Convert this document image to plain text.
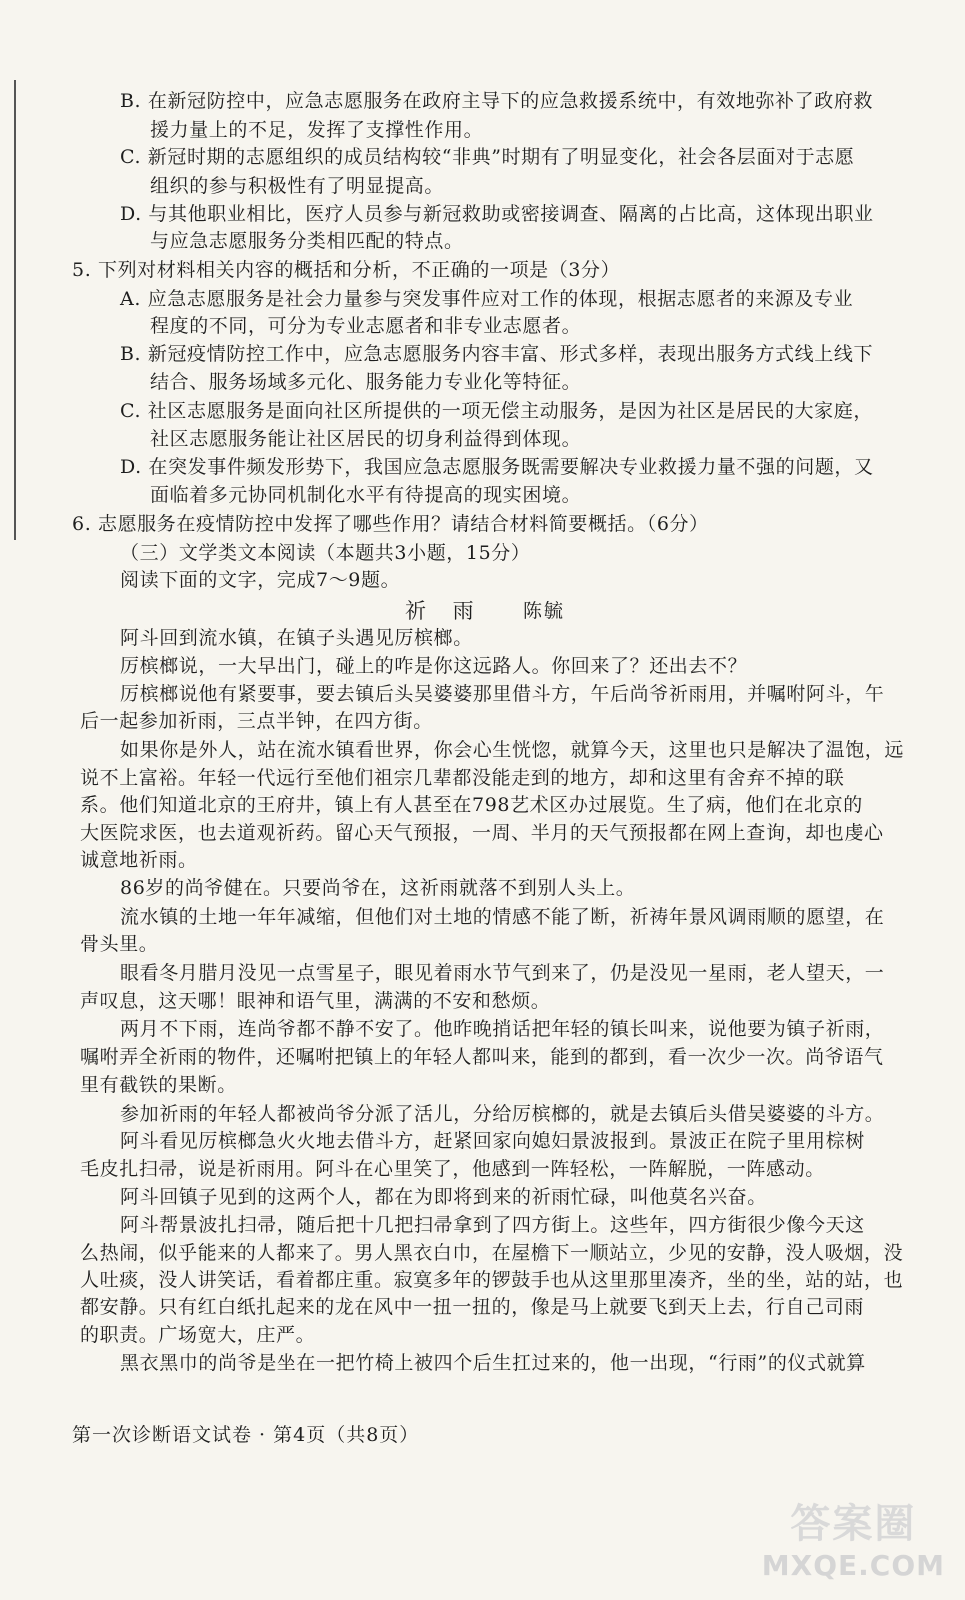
B. 在新冠防控中，应急志愿服务在政府主导下的应急救援系统中，有效地弥补了政府救
援力量上的不足，发挥了支撑性作用。
C. 新冠时期的志愿组织的成员结构较“非典”时期有了明显变化，社会各层面对于志愿
组织的参与积极性有了明显提高。
D. 与其他职业相比，医疗人员参与新冠救助或密接调查、隔离的占比高，这体现出职业
与应急志愿服务分类相匹配的特点。
5. 下列对材料相关内容的概括和分析，不正确的一项是（3分）
A. 应急志愿服务是社会力量参与突发事件应对工作的体现，根据志愿者的来源及专业
程度的不同，可分为专业志愿者和非专业志愿者。
B. 新冠疫情防控工作中，应急志愿服务内容丰富、形式多样，表现出服务方式线上线下
结合、服务场域多元化、服务能力专业化等特征。
C. 社区志愿服务是面向社区所提供的一项无偿主动服务，是因为社区是居民的大家庭，
社区志愿服务能让社区居民的切身利益得到体现。
D. 在突发事件频发形势下，我国应急志愿服务既需要解决专业救援力量不强的问题，又
面临着多元协同机制化水平有待提高的现实困境。
6. 志愿服务在疫情防控中发挥了哪些作用？请结合材料简要概括。（6分）
（三）文学类文本阅读（本题共3小题，15分）
阅读下面的文字，完成7～9题。
祈 雨 陈毓
阿斗回到流水镇，在镇子头遇见厉槟榔。
厉槟榔说，一大早出门，碰上的咋是你这远路人。你回来了？还出去不？
厉槟榔说他有紧要事，要去镇后头吴婆婆那里借斗方，午后尚爷祈雨用，并嘱咐阿斗，午
后一起参加祈雨，三点半钟，在四方街。
如果你是外人，站在流水镇看世界，你会心生恍惚，就算今天，这里也只是解决了温饱，远
说不上富裕。年轻一代远行至他们祖宗几辈都没能走到的地方，却和这里有舍弃不掉的联
系。他们知道北京的王府井，镇上有人甚至在798艺术区办过展览。生了病，他们在北京的
大医院求医，也去道观祈药。留心天气预报，一周、半月的天气预报都在网上查询，却也虔心
诚意地祈雨。
86岁的尚爷健在。只要尚爷在，这祈雨就落不到别人头上。
流水镇的土地一年年减缩，但他们对土地的情感不能了断，祈祷年景风调雨顺的愿望，在
骨头里。
眼看冬月腊月没见一点雪星子，眼见着雨水节气到来了，仍是没见一星雨，老人望天，一
声叹息，这天哪！眼神和语气里，满满的不安和愁烦。
两月不下雨，连尚爷都不静不安了。他昨晚捎话把年轻的镇长叫来，说他要为镇子祈雨，
嘱咐弄全祈雨的物件，还嘱咐把镇上的年轻人都叫来，能到的都到，看一次少一次。尚爷语气
里有截铁的果断。
参加祈雨的年轻人都被尚爷分派了活儿，分给厉槟榔的，就是去镇后头借吴婆婆的斗方。
阿斗看见厉槟榔急火火地去借斗方，赶紧回家向媳妇景波报到。景波正在院子里用棕树
毛皮扎扫帚，说是祈雨用。阿斗在心里笑了，他感到一阵轻松，一阵解脱，一阵感动。
阿斗回镇子见到的这两个人，都在为即将到来的祈雨忙碌，叫他莫名兴奋。
阿斗帮景波扎扫帚，随后把十几把扫帚拿到了四方街上。这些年，四方街很少像今天这
么热闹，似乎能来的人都来了。男人黑衣白巾，在屋檐下一顺站立，少见的安静，没人吸烟，没
人吐痰，没人讲笑话，看着都庄重。寂寞多年的锣鼓手也从这里那里凑齐，坐的坐，站的站，也
都安静。只有红白纸扎起来的龙在风中一扭一扭的，像是马上就要飞到天上去，行自己司雨
的职责。广场宽大，庄严。
黑衣黑巾的尚爷是坐在一把竹椅上被四个后生扛过来的，他一出现，“行雨”的仪式就算
第一次诊断语文试卷 · 第4页（共8页）
答案圈
MXQE.COM
